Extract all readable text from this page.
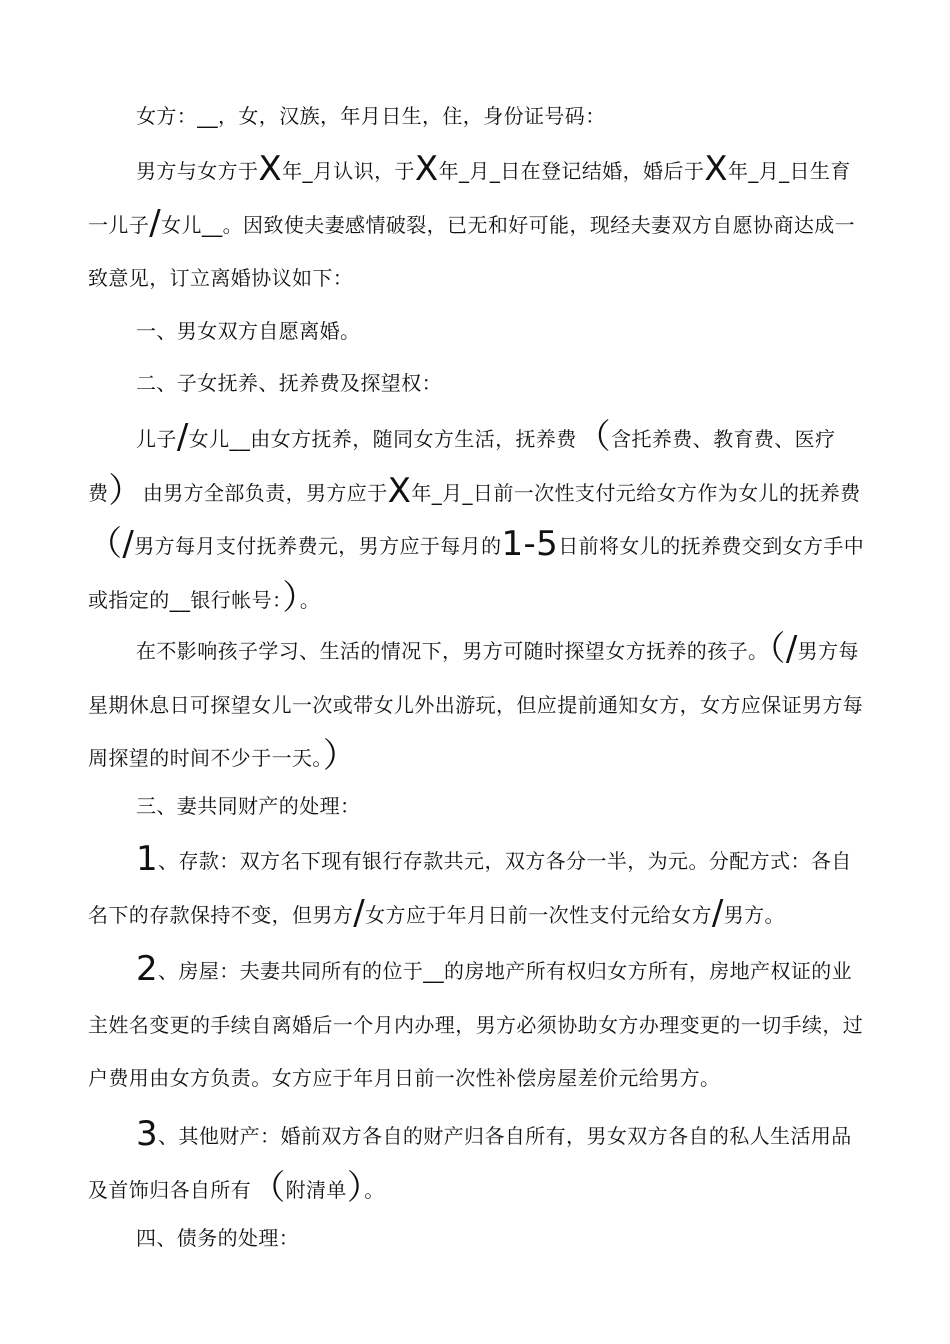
女方：__，女，汉族，年月日生，住，身份证号码：

男方与女方于X年_月认识，于X年_月_日在登记结婚，婚后于X年_月_日生育一儿子/女儿__。因致使夫妻感情破裂，已无和好可能，现经夫妻双方自愿协商达成一致意见，订立离婚协议如下：

一、男女双方自愿离婚。

二、子女抚养、抚养费及探望权：

儿子/女儿__由女方抚养，随同女方生活，抚养费（含托养费、教育费、医疗费）由男方全部负责，男方应于X年_月_日前一次性支付元给女方作为女儿的抚养费（/男方每月支付抚养费元，男方应于每月的1-5日前将女儿的抚养费交到女方手中或指定的__银行帐号：）。

在不影响孩子学习、生活的情况下，男方可随时探望女方抚养的孩子。（/男方每星期休息日可探望女儿一次或带女儿外出游玩，但应提前通知女方，女方应保证男方每周探望的时间不少于一天。）

三、妻共同财产的处理：

1、存款：双方名下现有银行存款共元，双方各分一半，为元。分配方式：各自名下的存款保持不变，但男方/女方应于年月日前一次性支付元给女方/男方。

2、房屋：夫妻共同所有的位于__的房地产所有权归女方所有，房地产权证的业主姓名变更的手续自离婚后一个月内办理，男方必须协助女方办理变更的一切手续，过户费用由女方负责。女方应于年月日前一次性补偿房屋差价元给男方。

3、其他财产：婚前双方各自的财产归各自所有，男女双方各自的私人生活用品及首饰归各自所有（附清单）。

四、债务的处理：
